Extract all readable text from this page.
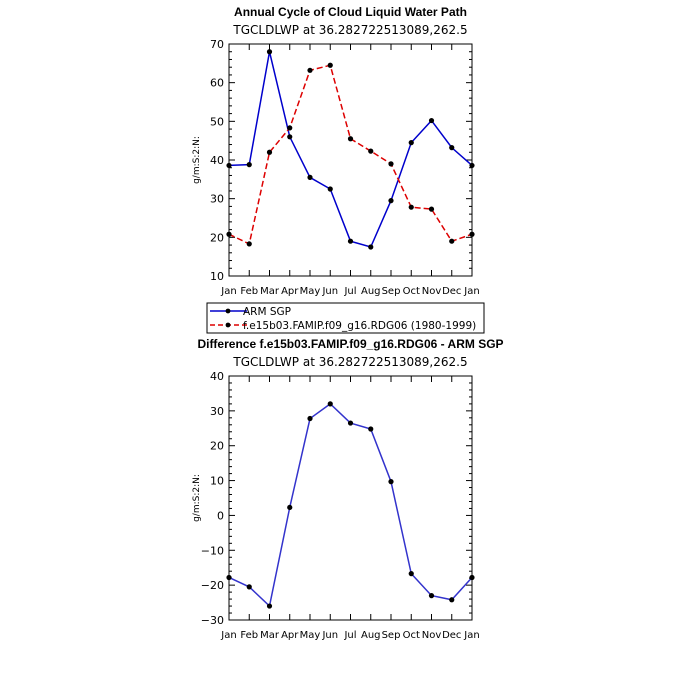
Annual Cycle of Cloud Liquid Water Path
TGCLDLWP at 36.282722513089,262.5
g/m:S:2:N:
10
20
30
40
50
60
70
Jan Feb Mar Apr May Jun Jul Aug Sep Oct Nov Dec Jan
ARM SGP
f.e15b03.FAMIP.f09_g16.RDG06 (1980-1999)
Difference f.e15b03.FAMIP.f09_g16.RDG06 - ARM SGP
TGCLDLWP at 36.282722513089,262.5
g/m:S:2:N:
−30
−20
−10
0
10
20
30
40
Jan Feb Mar Apr May Jun Jul Aug Sep Oct Nov Dec Jan
